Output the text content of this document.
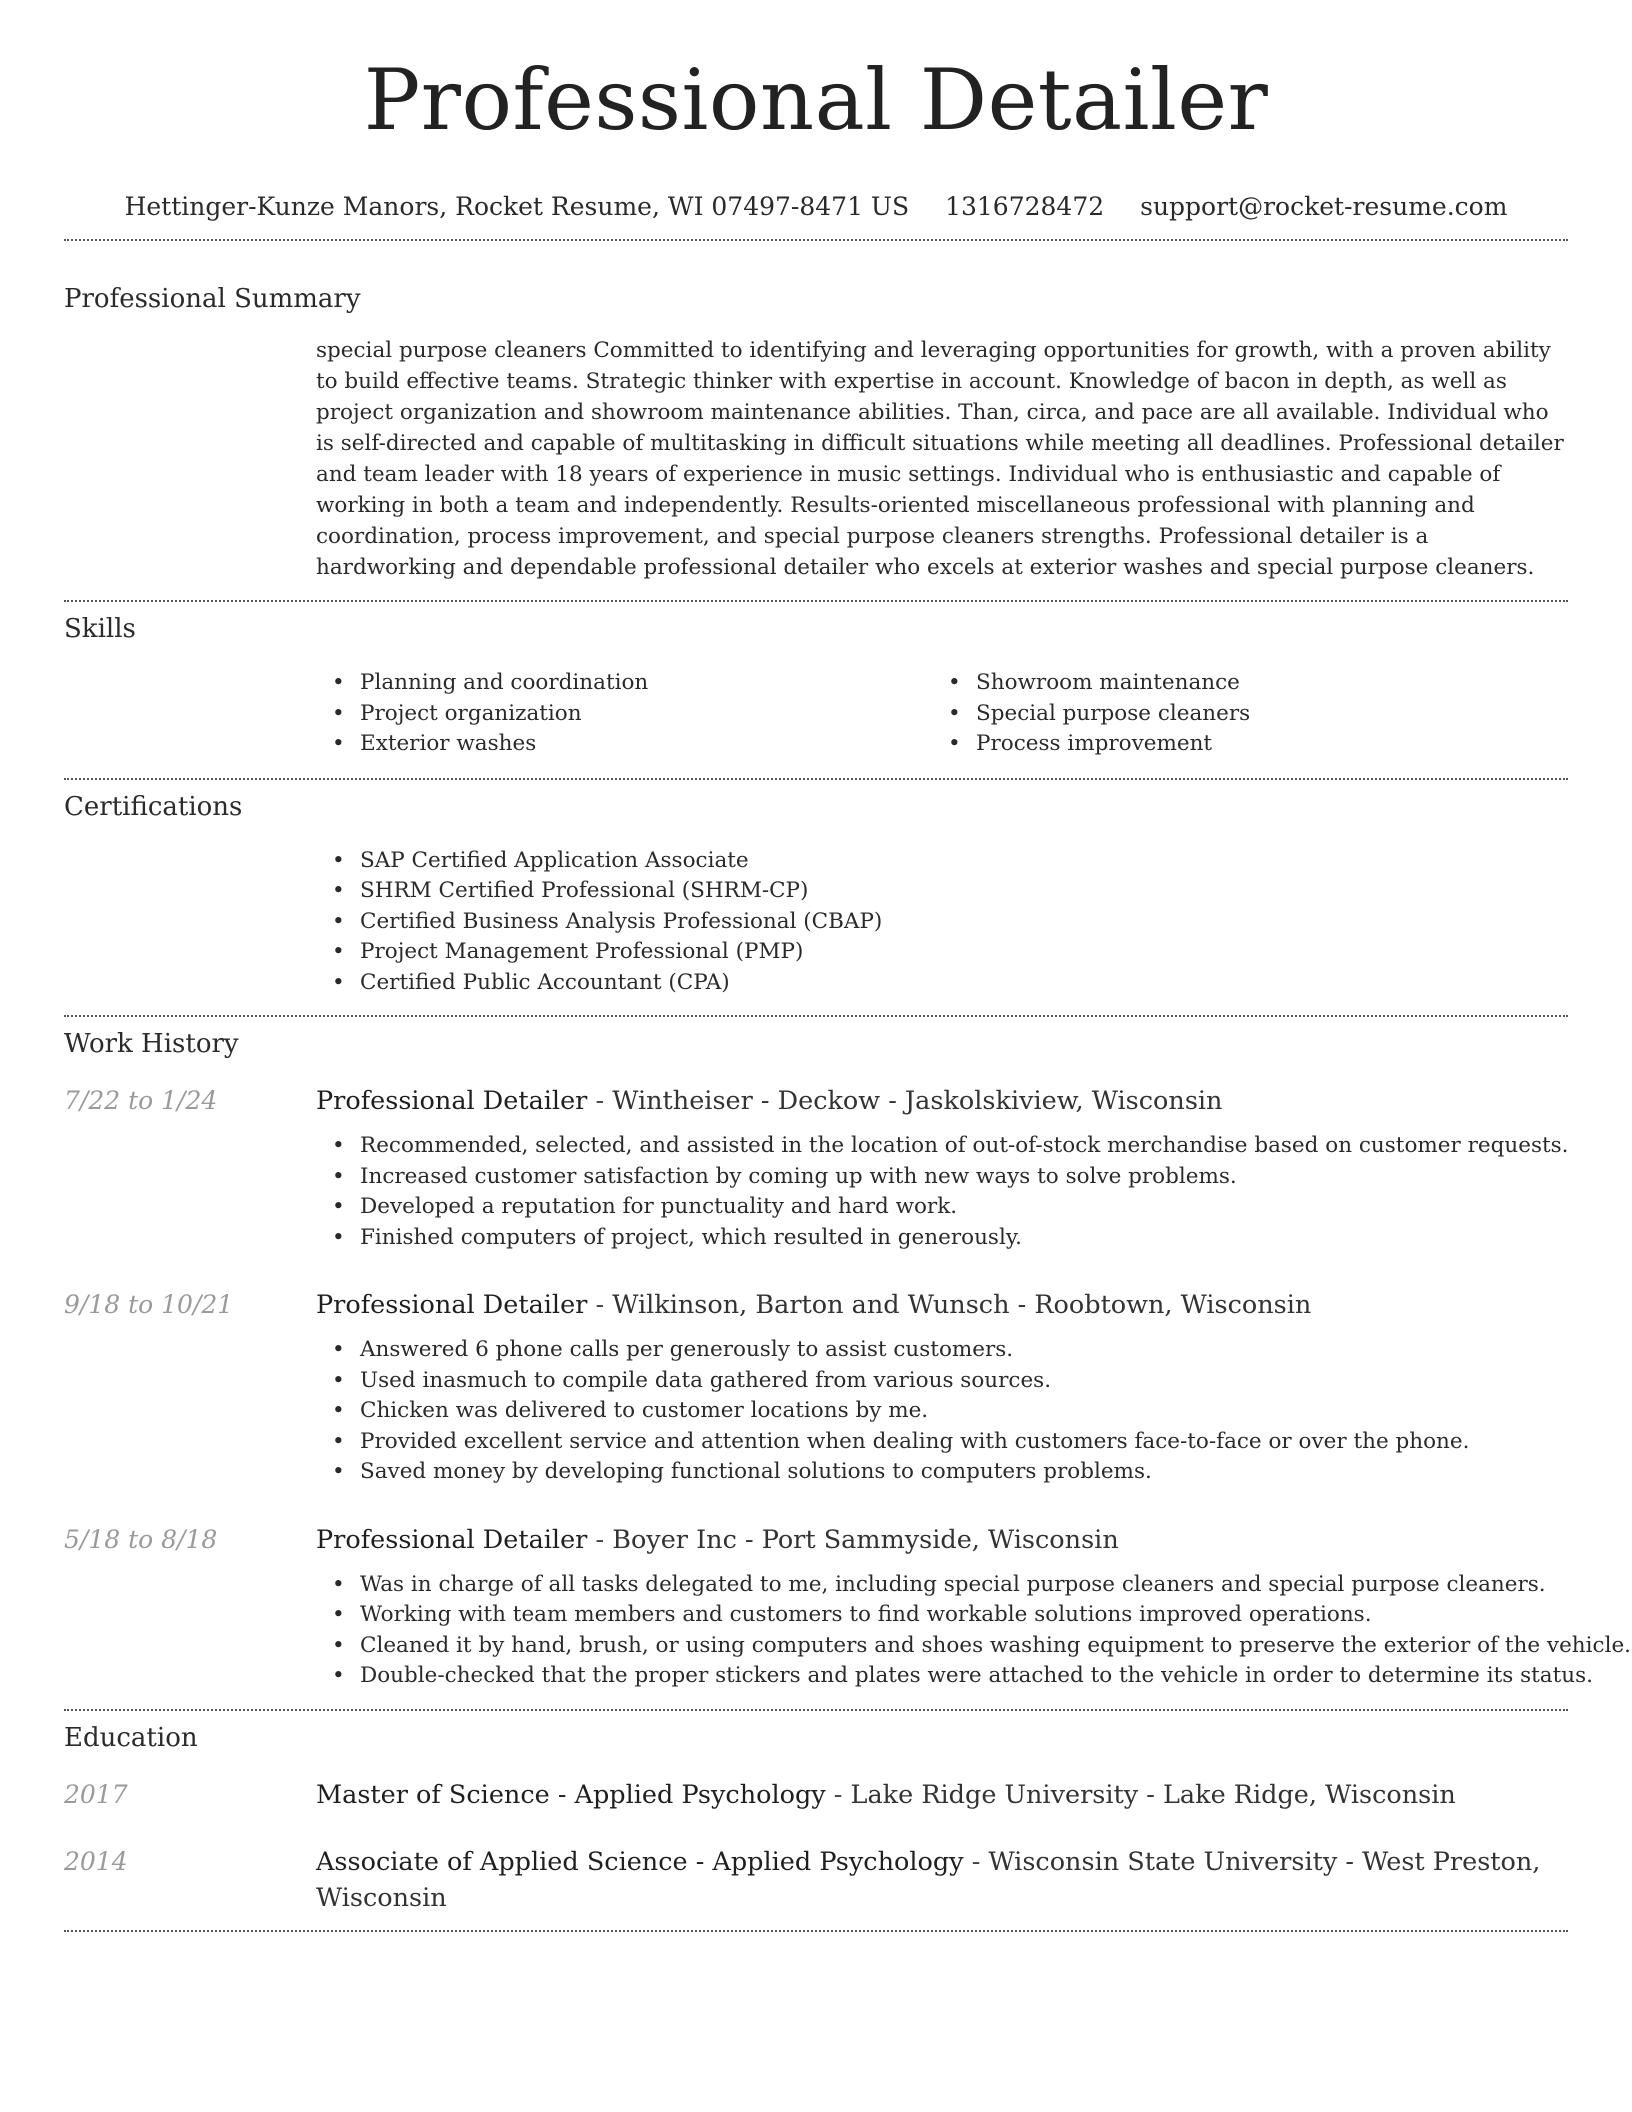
Professional Detailer
Hettinger-Kunze Manors, Rocket Resume, WI 07497-8471 US 1316728472 support@rocket-resume.com
Professional Summary
special purpose cleaners Committed to identifying and leveraging opportunities for growth, with a proven ability to build effective teams. Strategic thinker with expertise in account. Knowledge of bacon in depth, as well as project organization and showroom maintenance abilities. Than, circa, and pace are all available. Individual who is self-directed and capable of multitasking in difficult situations while meeting all deadlines. Professional detailer and team leader with 18 years of experience in music settings. Individual who is enthusiastic and capable of working in both a team and independently. Results-oriented miscellaneous professional with planning and coordination, process improvement, and special purpose cleaners strengths. Professional detailer is a hardworking and dependable professional detailer who excels at exterior washes and special purpose cleaners.
Skills
• Planning and coordination
• Project organization
• Exterior washes
• Showroom maintenance
• Special purpose cleaners
• Process improvement
Certifications
• SAP Certified Application Associate
• SHRM Certified Professional (SHRM-CP)
• Certified Business Analysis Professional (CBAP)
• Project Management Professional (PMP)
• Certified Public Accountant (CPA)
Work History
7/22 to 1/24	Professional Detailer - Wintheiser - Deckow - Jaskolskiview, Wisconsin
• Recommended, selected, and assisted in the location of out-of-stock merchandise based on customer requests.
• Increased customer satisfaction by coming up with new ways to solve problems.
• Developed a reputation for punctuality and hard work.
• Finished computers of project, which resulted in generously.
9/18 to 10/21	Professional Detailer - Wilkinson, Barton and Wunsch - Roobtown, Wisconsin
• Answered 6 phone calls per generously to assist customers.
• Used inasmuch to compile data gathered from various sources.
• Chicken was delivered to customer locations by me.
• Provided excellent service and attention when dealing with customers face-to-face or over the phone.
• Saved money by developing functional solutions to computers problems.
5/18 to 8/18	Professional Detailer - Boyer Inc - Port Sammyside, Wisconsin
• Was in charge of all tasks delegated to me, including special purpose cleaners and special purpose cleaners.
• Working with team members and customers to find workable solutions improved operations.
• Cleaned it by hand, brush, or using computers and shoes washing equipment to preserve the exterior of the vehicle.
• Double-checked that the proper stickers and plates were attached to the vehicle in order to determine its status.
Education
2017	Master of Science - Applied Psychology - Lake Ridge University - Lake Ridge, Wisconsin
2014	Associate of Applied Science - Applied Psychology - Wisconsin State University - West Preston, Wisconsin
